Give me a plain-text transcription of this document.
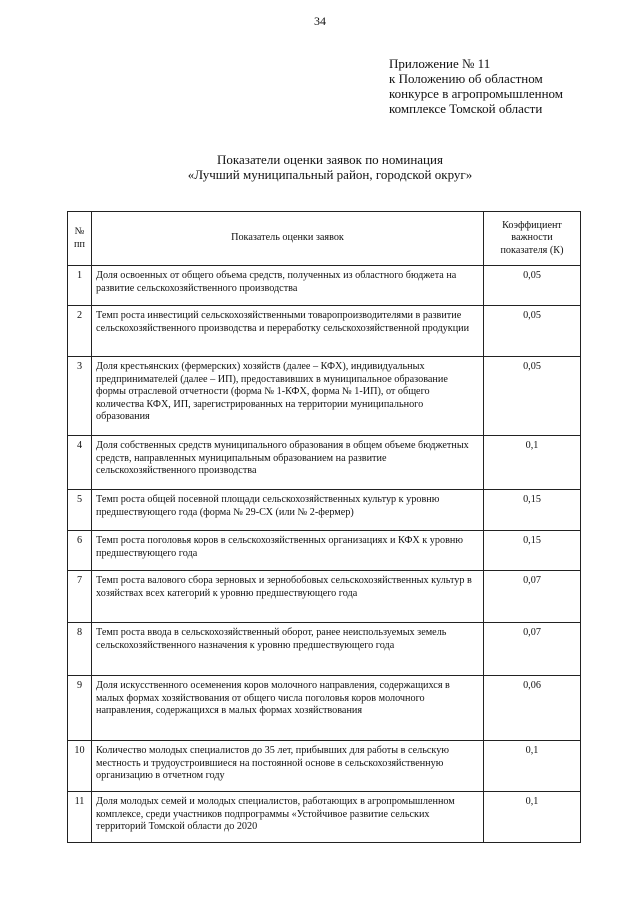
34
Приложение № 11
к Положению об областном
конкурсе в агропромышленном
комплексе Томской области
Показатели оценки заявок по номинация
«Лучший муниципальный район, городской округ»
№ пп	Показатель оценки заявок	Коэффициент важности показателя (К)
1	Доля освоенных от общего объема средств, полученных из областного бюджета на развитие сельскохозяйственного производства	0,05
2	Темп роста инвестиций сельскохозяйственными товаропроизводителями в развитие сельскохозяйственного производства и переработку сельскохозяйственной продукции	0,05
3	Доля крестьянских (фермерских) хозяйств (далее – КФХ), индивидуальных предпринимателей (далее – ИП), предоставивших в муниципальное образование формы отраслевой отчетности (форма № 1-КФХ, форма № 1-ИП), от общего количества КФХ, ИП, зарегистрированных на территории муниципального образования	0,05
4	Доля собственных средств муниципального образования в общем объеме бюджетных средств, направленных муниципальным образованием на развитие сельскохозяйственного производства	0,1
5	Темп роста общей посевной площади сельскохозяйственных культур к уровню предшествующего года (форма № 29-СХ (или № 2-фермер)	0,15
6	Темп роста поголовья коров в сельскохозяйственных организациях и КФХ к уровню предшествующего года	0,15
7	Темп роста валового сбора зерновых и зернобобовых сельскохозяйственных культур в хозяйствах всех категорий к уровню предшествующего года	0,07
8	Темп роста ввода в сельскохозяйственный оборот, ранее неиспользуемых земель сельскохозяйственного назначения к уровню предшествующего года	0,07
9	Доля искусственного осеменения коров молочного направления, содержащихся в малых формах хозяйствования от общего числа поголовья коров молочного направления, содержащихся в малых формах хозяйствования	0,06
10	Количество молодых специалистов до 35 лет, прибывших для работы в сельскую местность и трудоустроившиеся на постоянной основе в сельскохозяйственную организацию в отчетном году	0,1
11	Доля молодых семей и молодых специалистов, работающих в агропромышленном комплексе, среди участников подпрограммы «Устойчивое развитие сельских территорий Томской области до 2020	0,1
